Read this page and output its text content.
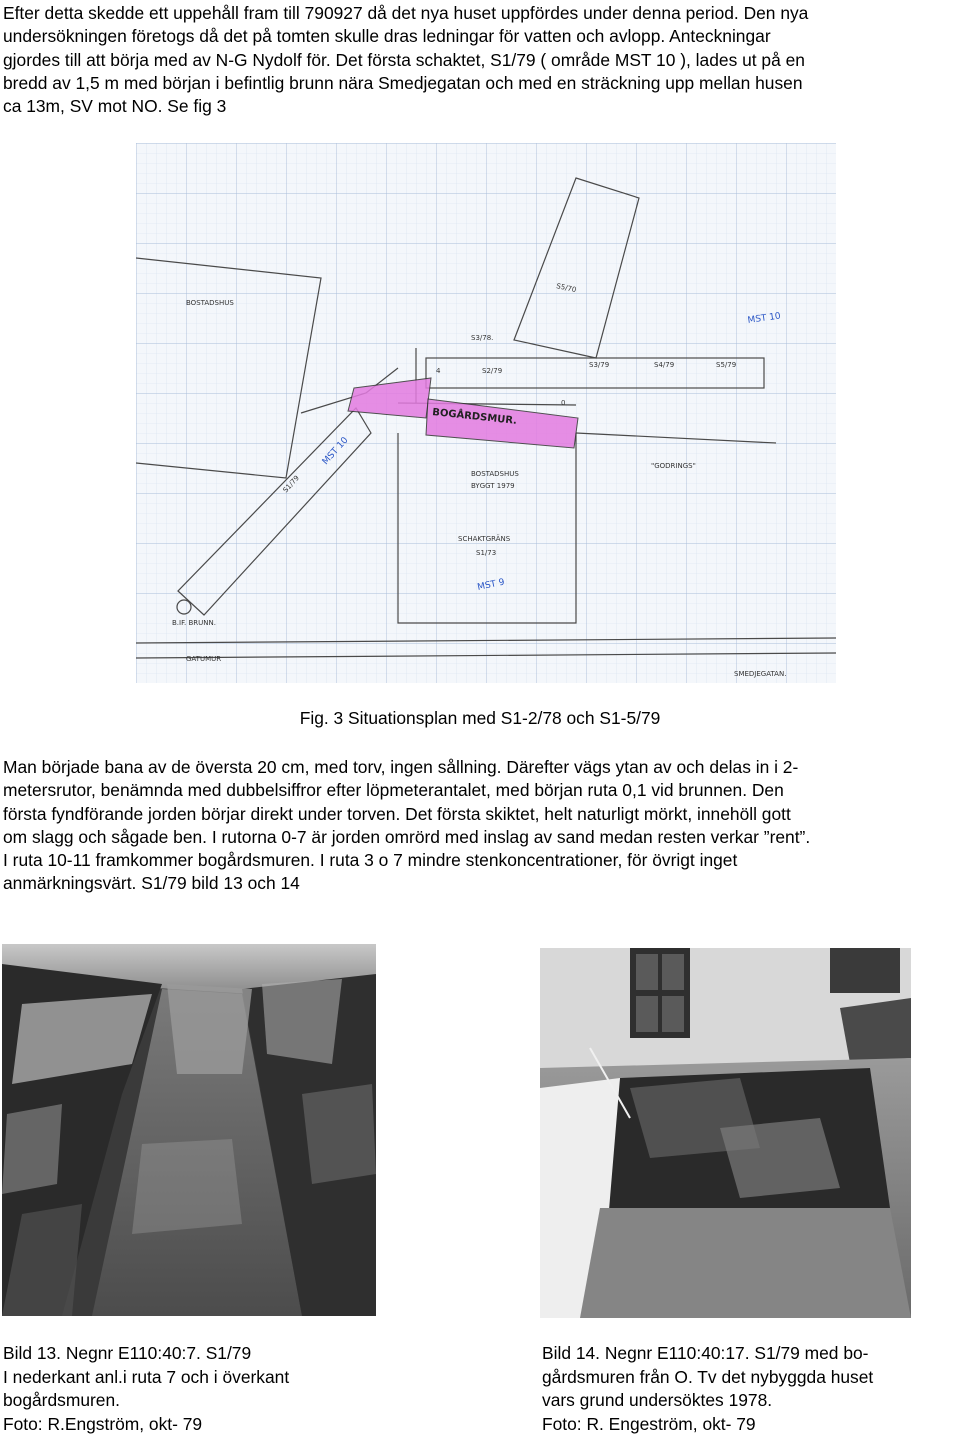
Efter detta skedde ett uppehåll fram till 790927 då det nya huset uppfördes under denna period. Den nya
undersökningen företogs då det på tomten skulle dras ledningar för vatten och avlopp. Anteckningar
gjordes till att börja med av N-G Nydolf för. Det första schaktet, S1/79 ( område MST 10 ), lades ut på en
bredd av 1,5 m med början i befintlig brunn nära Smedjegatan och med en sträckning upp mellan husen
ca 13m, SV mot NO. Se fig 3
BOSTADSHUS
S5/70
MST 10
S3/78.
S2/79
S3/79	S4/79	S5/79
4
0
BOGÅRDSMUR.
MST 10
S1/79	BOSTADSHUS
BYGGT 1979
"GODRINGS"
SCHAKTGRÄNS
S1/73
MST 9
B.IF. BRUNN.
GATUMUR
SMEDJEGATAN.

Fig. 3 Situationsplan med S1-2/78 och S1-5/79

Man började bana av de översta 20 cm, med torv, ingen sållning. Därefter vägs ytan av och delas in i 2-
metersrutor, benämnda med dubbelsiffror efter löpmeterantalet, med början ruta 0,1 vid brunnen. Den
första fyndförande jorden börjar direkt under torven. Det första skiktet, helt naturligt mörkt, innehöll gott
om slagg och sågade ben. I rutorna 0-7 är jorden omrörd med inslag av sand medan resten verkar ”rent”.
I ruta 10-11 framkommer bogårdsmuren. I ruta 3 o 7 mindre stenkoncentrationer, för övrigt inget
anmärkningsvärt. S1/79 bild 13 och 14
Bild 13. Negnr E110:40:7. S1/79
I nederkant anl.i ruta 7 och i överkant
bogårdsmuren.
Foto: R.Engström, okt- 79
Bild 14. Negnr E110:40:17. S1/79 med bo-
gårdsmuren från O. Tv det nybyggda huset
vars grund undersöktes 1978.
Foto: R. Engeström, okt- 79
